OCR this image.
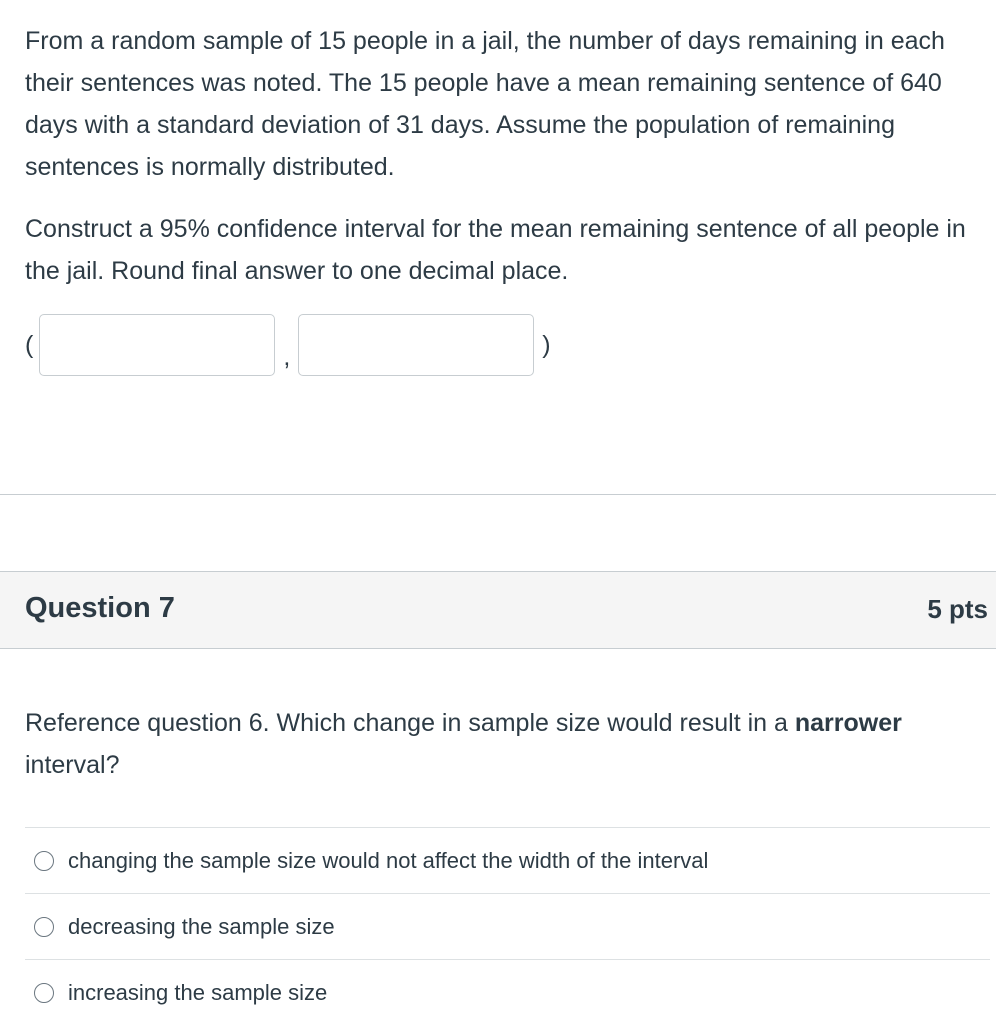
From a random sample of 15 people in a jail, the number of days remaining in each their sentences was noted. The 15 people have a mean remaining sentence of 640 days with a standard deviation of 31 days. Assume the population of remaining sentences is normally distributed.

Construct a 95% confidence interval for the mean remaining sentence of all people in the jail. Round final answer to one decimal place.

(	,	)
Question 7	5 pts
Reference question 6. Which change in sample size would result in a narrower interval?
changing the sample size would not affect the width of the interval
decreasing the sample size
increasing the sample size
